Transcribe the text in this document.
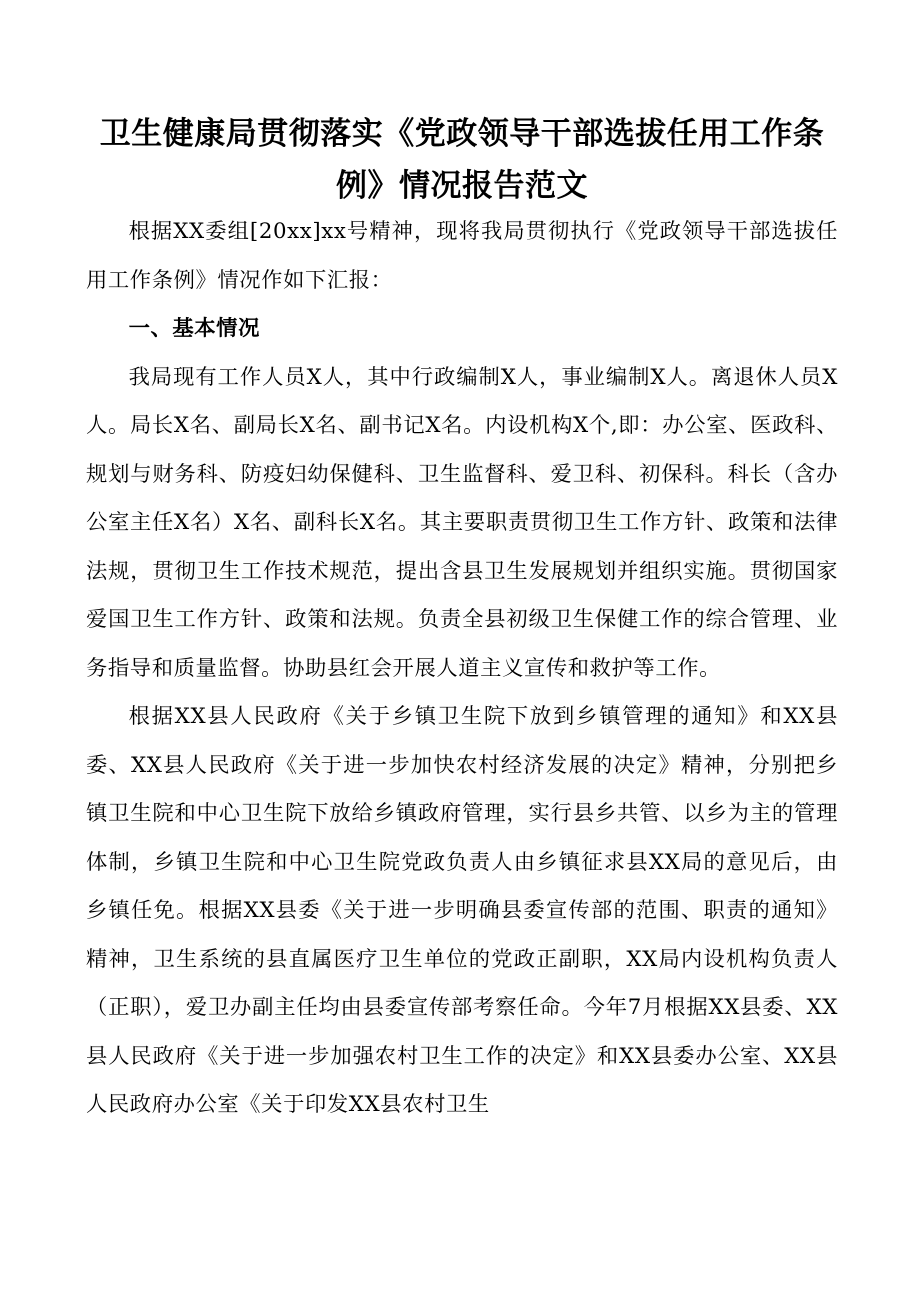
卫生健康局贯彻落实《党政领导干部选拔任用工作条例》情况报告范文

根据XX委组[20xx]xx号精神，现将我局贯彻执行《党政领导干部选拔任用工作条例》情况作如下汇报：

一、基本情况

我局现有工作人员X人，其中行政编制X人，事业编制X人。离退休人员X人。局长X名、副局长X名、副书记X名。内设机构X个,即：办公室、医政科、规划与财务科、防疫妇幼保健科、卫生监督科、爱卫科、初保科。科长（含办公室主任X名）X名、副科长X名。其主要职责贯彻卫生工作方针、政策和法律法规，贯彻卫生工作技术规范，提出含县卫生发展规划并组织实施。贯彻国家爱国卫生工作方针、政策和法规。负责全县初级卫生保健工作的综合管理、业务指导和质量监督。协助县红会开展人道主义宣传和救护等工作。

根据XX县人民政府《关于乡镇卫生院下放到乡镇管理的通知》和XX县委、XX县人民政府《关于进一步加快农村经济发展的决定》精神，分别把乡镇卫生院和中心卫生院下放给乡镇政府管理，实行县乡共管、以乡为主的管理体制，乡镇卫生院和中心卫生院党政负责人由乡镇征求县XX局的意见后，由乡镇任免。根据XX县委《关于进一步明确县委宣传部的范围、职责的通知》精神，卫生系统的县直属医疗卫生单位的党政正副职，XX局内设机构负责人（正职），爱卫办副主任均由县委宣传部考察任命。今年7月根据XX县委、XX县人民政府《关于进一步加强农村卫生工作的决定》和XX县委办公室、XX县人民政府办公室《关于印发XX县农村卫生
